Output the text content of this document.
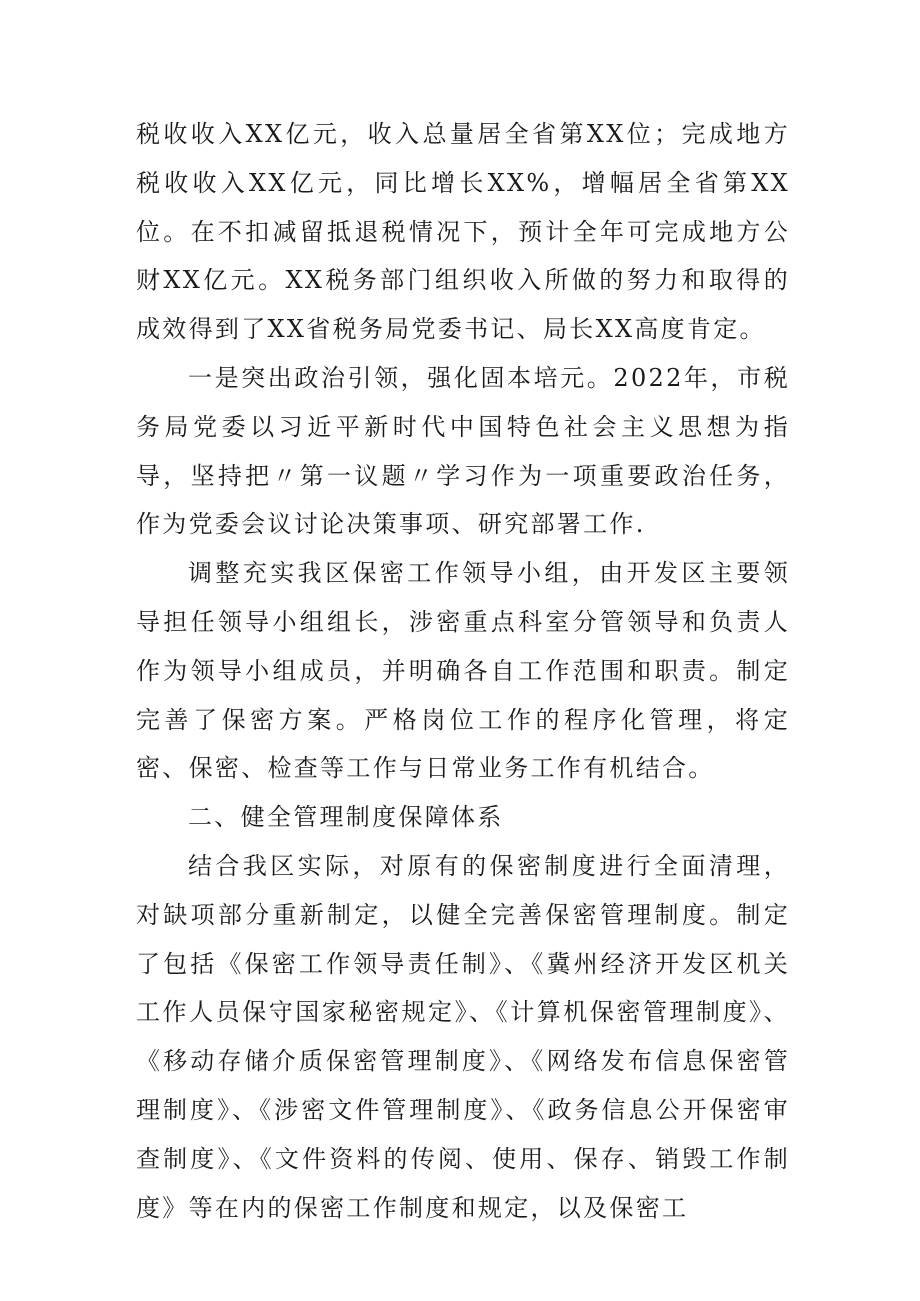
税收收入XX亿元，收入总量居全省第XX位；完成地方税收收入XX亿元，同比增长XX%，增幅居全省第XX位。在不扣减留抵退税情况下，预计全年可完成地方公财XX亿元。XX税务部门组织收入所做的努力和取得的成效得到了XX省税务局党委书记、局长XX高度肯定。

一是突出政治引领，强化固本培元。2022年，市税务局党委以习近平新时代中国特色社会主义思想为指导，坚持把〃第一议题〃学习作为一项重要政治任务，作为党委会议讨论决策事项、研究部署工作.

调整充实我区保密工作领导小组，由开发区主要领导担任领导小组组长，涉密重点科室分管领导和负责人作为领导小组成员，并明确各自工作范围和职责。制定完善了保密方案。严格岗位工作的程序化管理，将定密、保密、检查等工作与日常业务工作有机结合。

二、健全管理制度保障体系

结合我区实际，对原有的保密制度进行全面清理，对缺项部分重新制定，以健全完善保密管理制度。制定了包括《保密工作领导责任制》、《冀州经济开发区机关工作人员保守国家秘密规定》、《计算机保密管理制度》、《移动存储介质保密管理制度》、《网络发布信息保密管理制度》、《涉密文件管理制度》、《政务信息公开保密审查制度》、《文件资料的传阅、使用、保存、销毁工作制度》等在内的保密工作制度和规定，以及保密工
